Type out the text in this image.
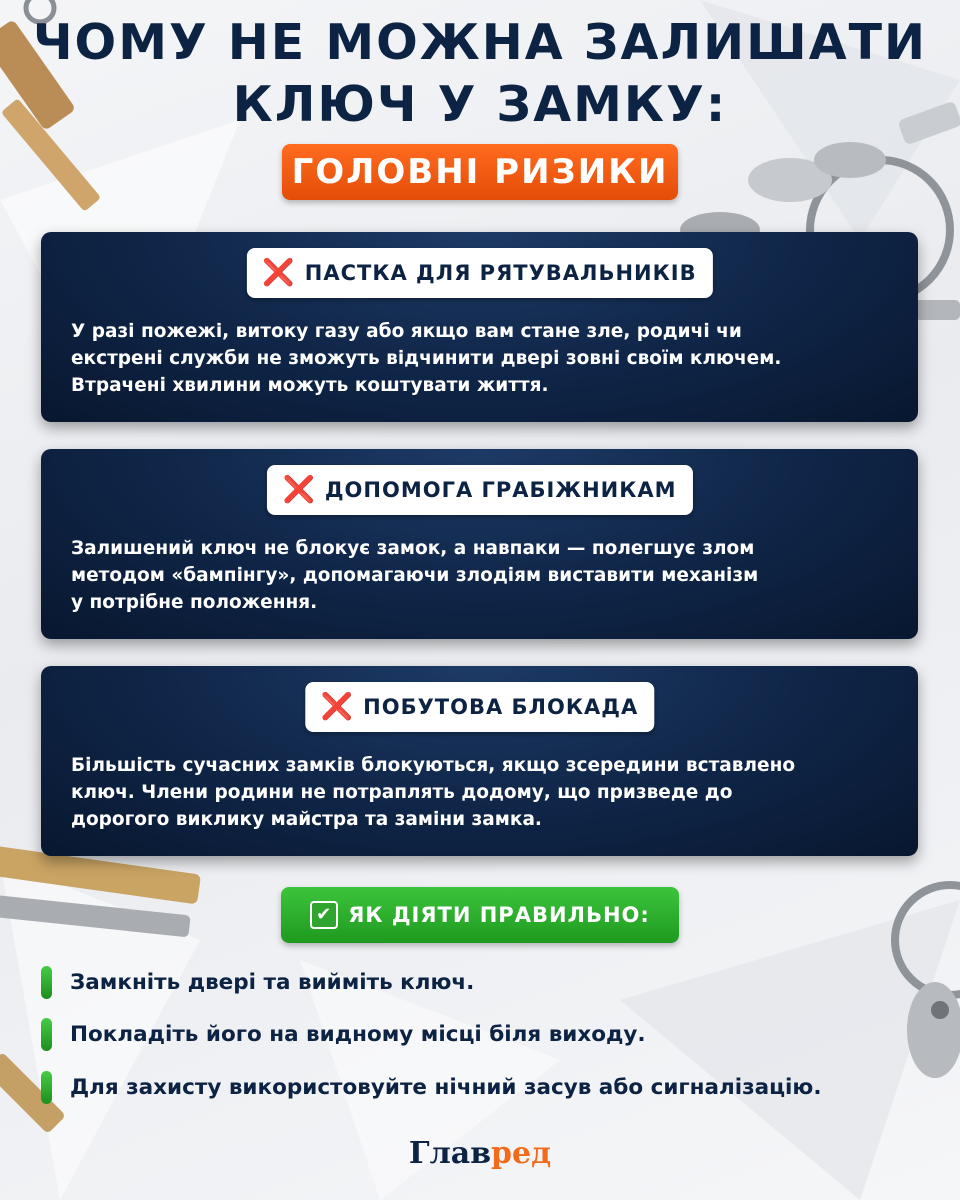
ЧОМУ НЕ МОЖНА ЗАЛИШАТИ
КЛЮЧ У ЗАМКУ:
ГОЛОВНІ РИЗИКИ
❌ ПАСТКА ДЛЯ РЯТУВАЛЬНИКІВ
У разі пожежі, витоку газу або якщо вам стане зле, родичі чи
екстрені служби не зможуть відчинити двері зовні своїм ключем.
Втрачені хвилини можуть коштувати життя.
❌ ДОПОМОГА ГРАБІЖНИКАМ
Залишений ключ не блокує замок, а навпаки — полегшує злом
методом «бампінгу», допомагаючи злодіям виставити механізм
у потрібне положення.
❌ ПОБУТОВА БЛОКАДА
Більшість сучасних замків блокуються, якщо зсередини вставлено
ключ. Члени родини не потраплять додому, що призведе до
дорогого виклику майстра та заміни замка.
✔ ЯК ДІЯТИ ПРАВИЛЬНО:
Замкніть двері та вийміть ключ.
Покладіть його на видному місці біля виходу.
Для захисту використовуйте нічний засув або сигналізацію.
Главред
